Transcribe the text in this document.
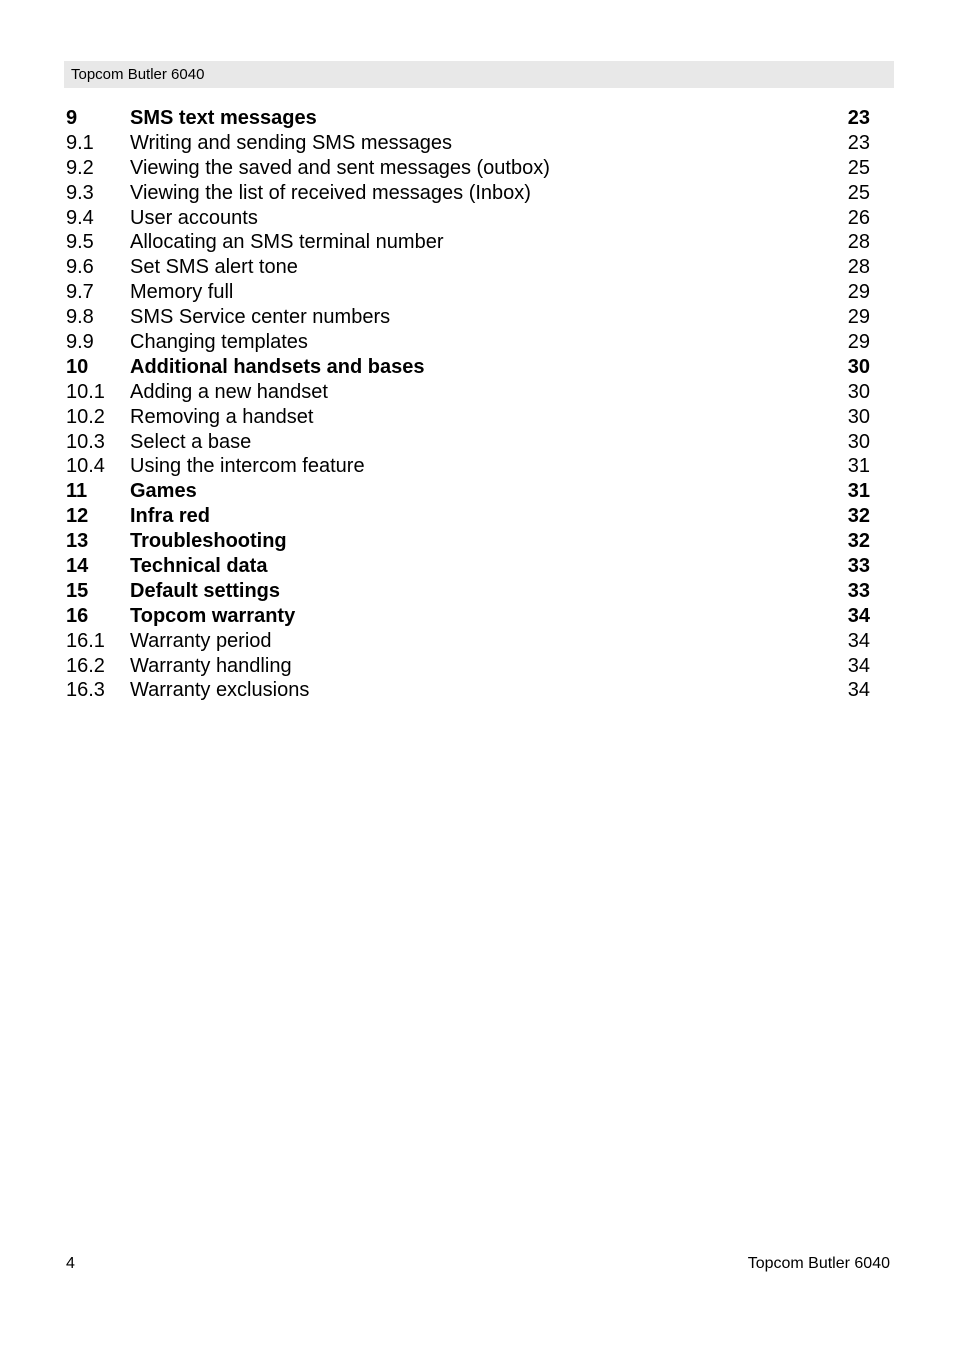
Topcom Butler 6040
9	SMS text messages	23
9.1 Writing and sending SMS messages	23
9.2 Viewing the saved and sent messages (outbox)	25
9.3 Viewing the list of received messages (Inbox)	25
9.4 User accounts	26
9.5 Allocating an SMS terminal number	28
9.6 Set SMS alert tone	28
9.7 Memory full	29
9.8 SMS Service center numbers	29
9.9 Changing templates	29
10 Additional handsets and bases	30
10.1 Adding a new handset	30
10.2 Removing a handset	30
10.3 Select a base	30
10.4 Using the intercom feature	31
11 Games	31
12 Infra red	32
13 Troubleshooting	32
14 Technical data	33
15 Default settings	33
16 Topcom warranty	34
16.1 Warranty period	34
16.2 Warranty handling	34
16.3 Warranty exclusions	34
4	Topcom Butler 6040
